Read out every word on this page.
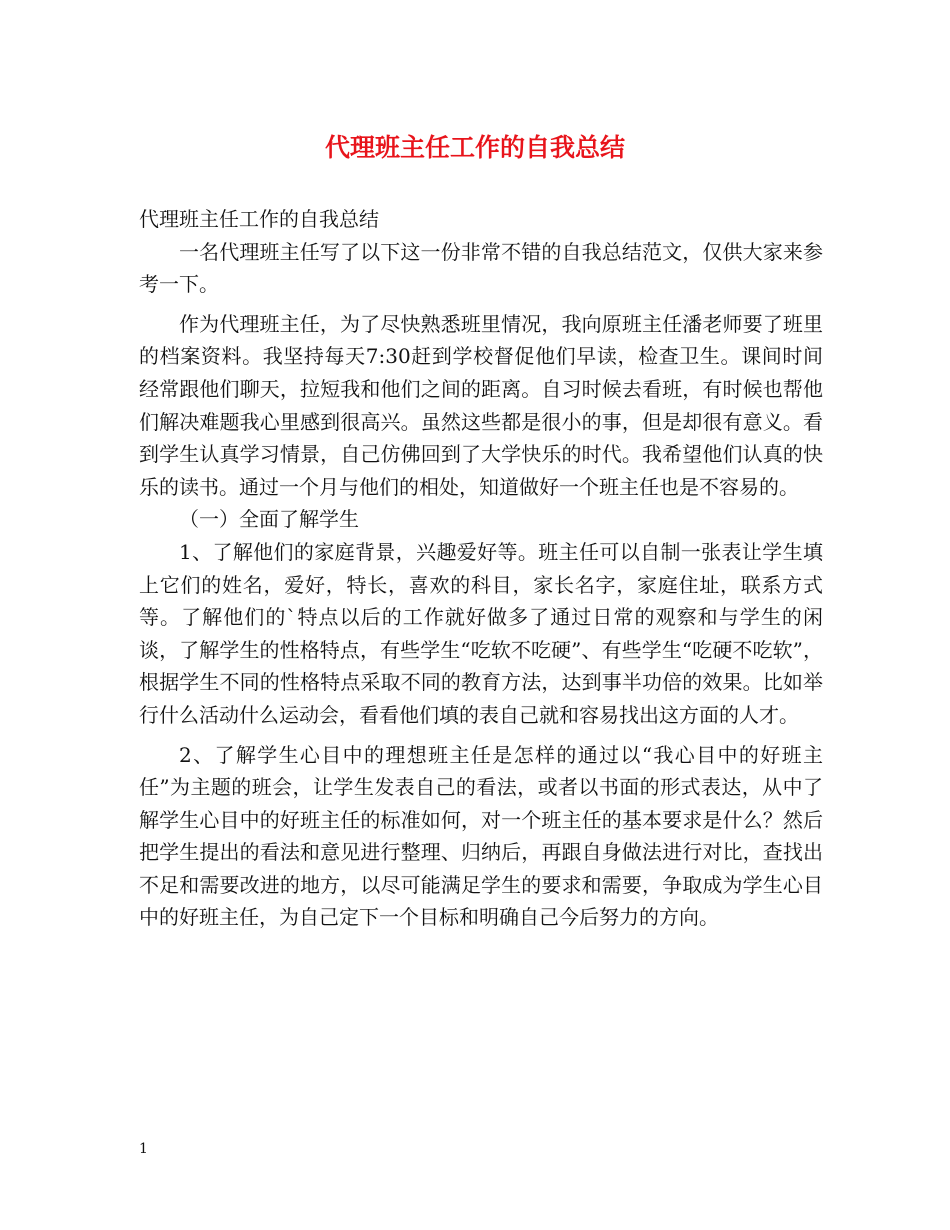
代理班主任工作的自我总结

代理班主任工作的自我总结

一名代理班主任写了以下这一份非常不错的自我总结范文，仅供大家来参考一下。

作为代理班主任，为了尽快熟悉班里情况，我向原班主任潘老师要了班里的档案资料。我坚持每天7:30赶到学校督促他们早读，检查卫生。课间时间经常跟他们聊天，拉短我和他们之间的距离。自习时候去看班，有时候也帮他们解决难题我心里感到很高兴。虽然这些都是很小的事，但是却很有意义。看到学生认真学习情景，自己仿佛回到了大学快乐的时代。我希望他们认真的快乐的读书。通过一个月与他们的相处，知道做好一个班主任也是不容易的。

（一）全面了解学生

1、了解他们的家庭背景，兴趣爱好等。班主任可以自制一张表让学生填上它们的姓名，爱好，特长，喜欢的科目，家长名字，家庭住址，联系方式等。了解他们的`特点以后的工作就好做多了通过日常的观察和与学生的闲谈，了解学生的性格特点，有些学生“吃软不吃硬”、有些学生“吃硬不吃软”，根据学生不同的性格特点采取不同的教育方法，达到事半功倍的效果。比如举行什么活动什么运动会，看看他们填的表自己就和容易找出这方面的人才。

2、了解学生心目中的理想班主任是怎样的通过以“我心目中的好班主任”为主题的班会，让学生发表自己的看法，或者以书面的形式表达，从中了解学生心目中的好班主任的标准如何，对一个班主任的基本要求是什么？然后把学生提出的看法和意见进行整理、归纳后，再跟自身做法进行对比，查找出不足和需要改进的地方，以尽可能满足学生的要求和需要，争取成为学生心目中的好班主任，为自己定下一个目标和明确自己今后努力的方向。

1
